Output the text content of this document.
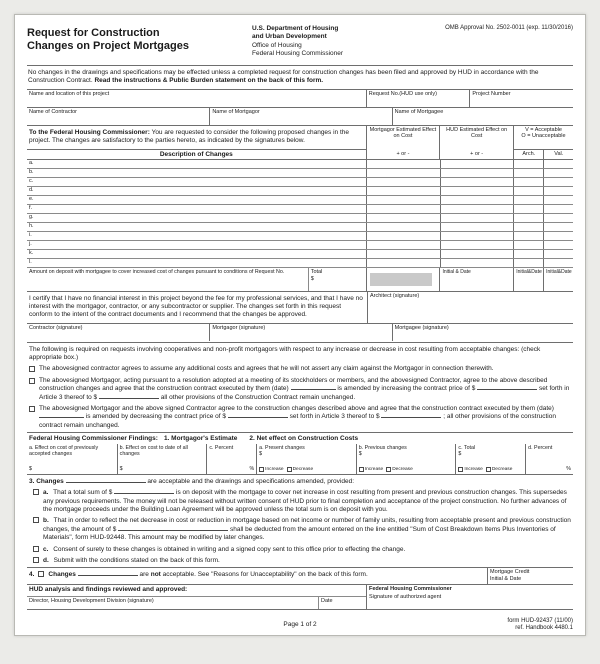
Request for Construction
Changes on Project Mortgages
U.S. Department of Housing
and Urban Development
Office of Housing
Federal Housing Commissioner
OMB Approval No. 2502-0011 (exp. 11/30/2016)
No changes in the drawings and specifications may be effected unless a completed request for construction changes has been filed and approved by HUD in accordance with the Construction Contract. Read the instructions & Public Burden statement on the back of this form.
Name and location of this project	Request No.(HUD use only)	Project Number
Name of Contractor	Name of Mortgagor	Name of Mortgagee
To the Federal Housing Commissioner: You are requested to consider the following proposed changes in the project. The changes are satisfactory to the parties hereto, as indicated by the signatures below.
Description of Changes
Mortgagor Estimated Effect on Cost
+ or -
HUD Estimated Effect on Cost
+ or -
V = Acceptable
O = Unacceptable
Arch.	Val.
a.
b.
c.
d.
e.
f.
g.
h.
i.
j.
k.
l.
Amount on deposit with mortgagee to cover increased cost of changes pursuant to conditions of Request No.	Total
$
Initial & Date	Initial&Date Initial&Date
I certify that I have no financial interest in this project beyond the fee for my professional services, and that I have no interest with the mortgagor, contractor, or any subcontractor or supplier. The changes set forth in this request conform to the intent of the contract documents and I recommend that the changes be approved.
Architect (signature)
Contractor (signature)	Mortgagor (signature)	Mortgagee (signature)
The following is required on requests involving cooperatives and non-profit mortgagors with respect to any increase or decrease in cost resulting from acceptable changes: (check appropriate box.)
The abovesigned contractor agrees to assume any additional costs and agrees that he will not assert any claim against the Mortgagor in connection therewith.
The abovesigned Mortgagor, acting pursuant to a resolution adopted at a meeting of its stockholders or members, and the abovesigned Contractor, agree to the above described construction changes and agree that the construction contract executed by them (date)	is amended by increasing the contract price of $	set forth in Article 3 thereof to $	all other provisions of the Construction Contract remain unchanged.
The abovesigned Mortgagor and the above signed Contractor agree to the construction changes described above and agree that the construction contract executed by them (date)  is amended by decreasing the contract price of $	set forth in Article 3 thereof to $	; all other provisions of the construction contract remain unchanged.
Federal Housing Commissioner Findings: 1. Mortgagor's Estimate 2. Net effect on Construction Costs
a. Effect on cost of previously accepted changes
$
b. Effect on cost to date of all changes
$
c. Percent
%
a. Present changes
$
Increase Decrease
b. Previous changes
$
Increase Decrease
c. Total
$
Increase Decrease
d. Percent
%
3. Changes	are acceptable and the drawings and specifications amended, provided:
a. That a total sum of $	is on deposit with the mortgage to cover net increase in cost resulting from present and previous construction changes. This supersedes any previous requirements. The money will not be released without written consent of HUD prior to final completion and acceptance of the project construction. No further advances of the mortgage proceeds under the Building Loan Agreement will be approved unless the total sum is on deposit with you.
b. That in order to reflect the net decrease in cost or reduction in mortgage based on net income or number of family units, resulting from acceptable present and previous construction changes, the amount of $	shall be deducted from the amount entered on the line entitled "Sum of Cost Breakdown Items Plus Inventories of Materials", form HUD-92448. This amount may be modified by later changes.
c. Consent of surety to these changes is obtained in writing and a signed copy sent to this office prior to effecting the change.
d. Submit with the conditions stated on the back of this form.
4. Changes	are not acceptable. See "Reasons for Unacceptability" on the back of this form.	Mortgage Credit
Initial & Date
HUD analysis and findings reviewed and approved:
Director, Housing Development Division (signature)	Date
Federal Housing Commissioner
Signature of authorized agent
Page 1 of 2	form HUD-92437 (11/00)
ref. Handbook 4480.1
